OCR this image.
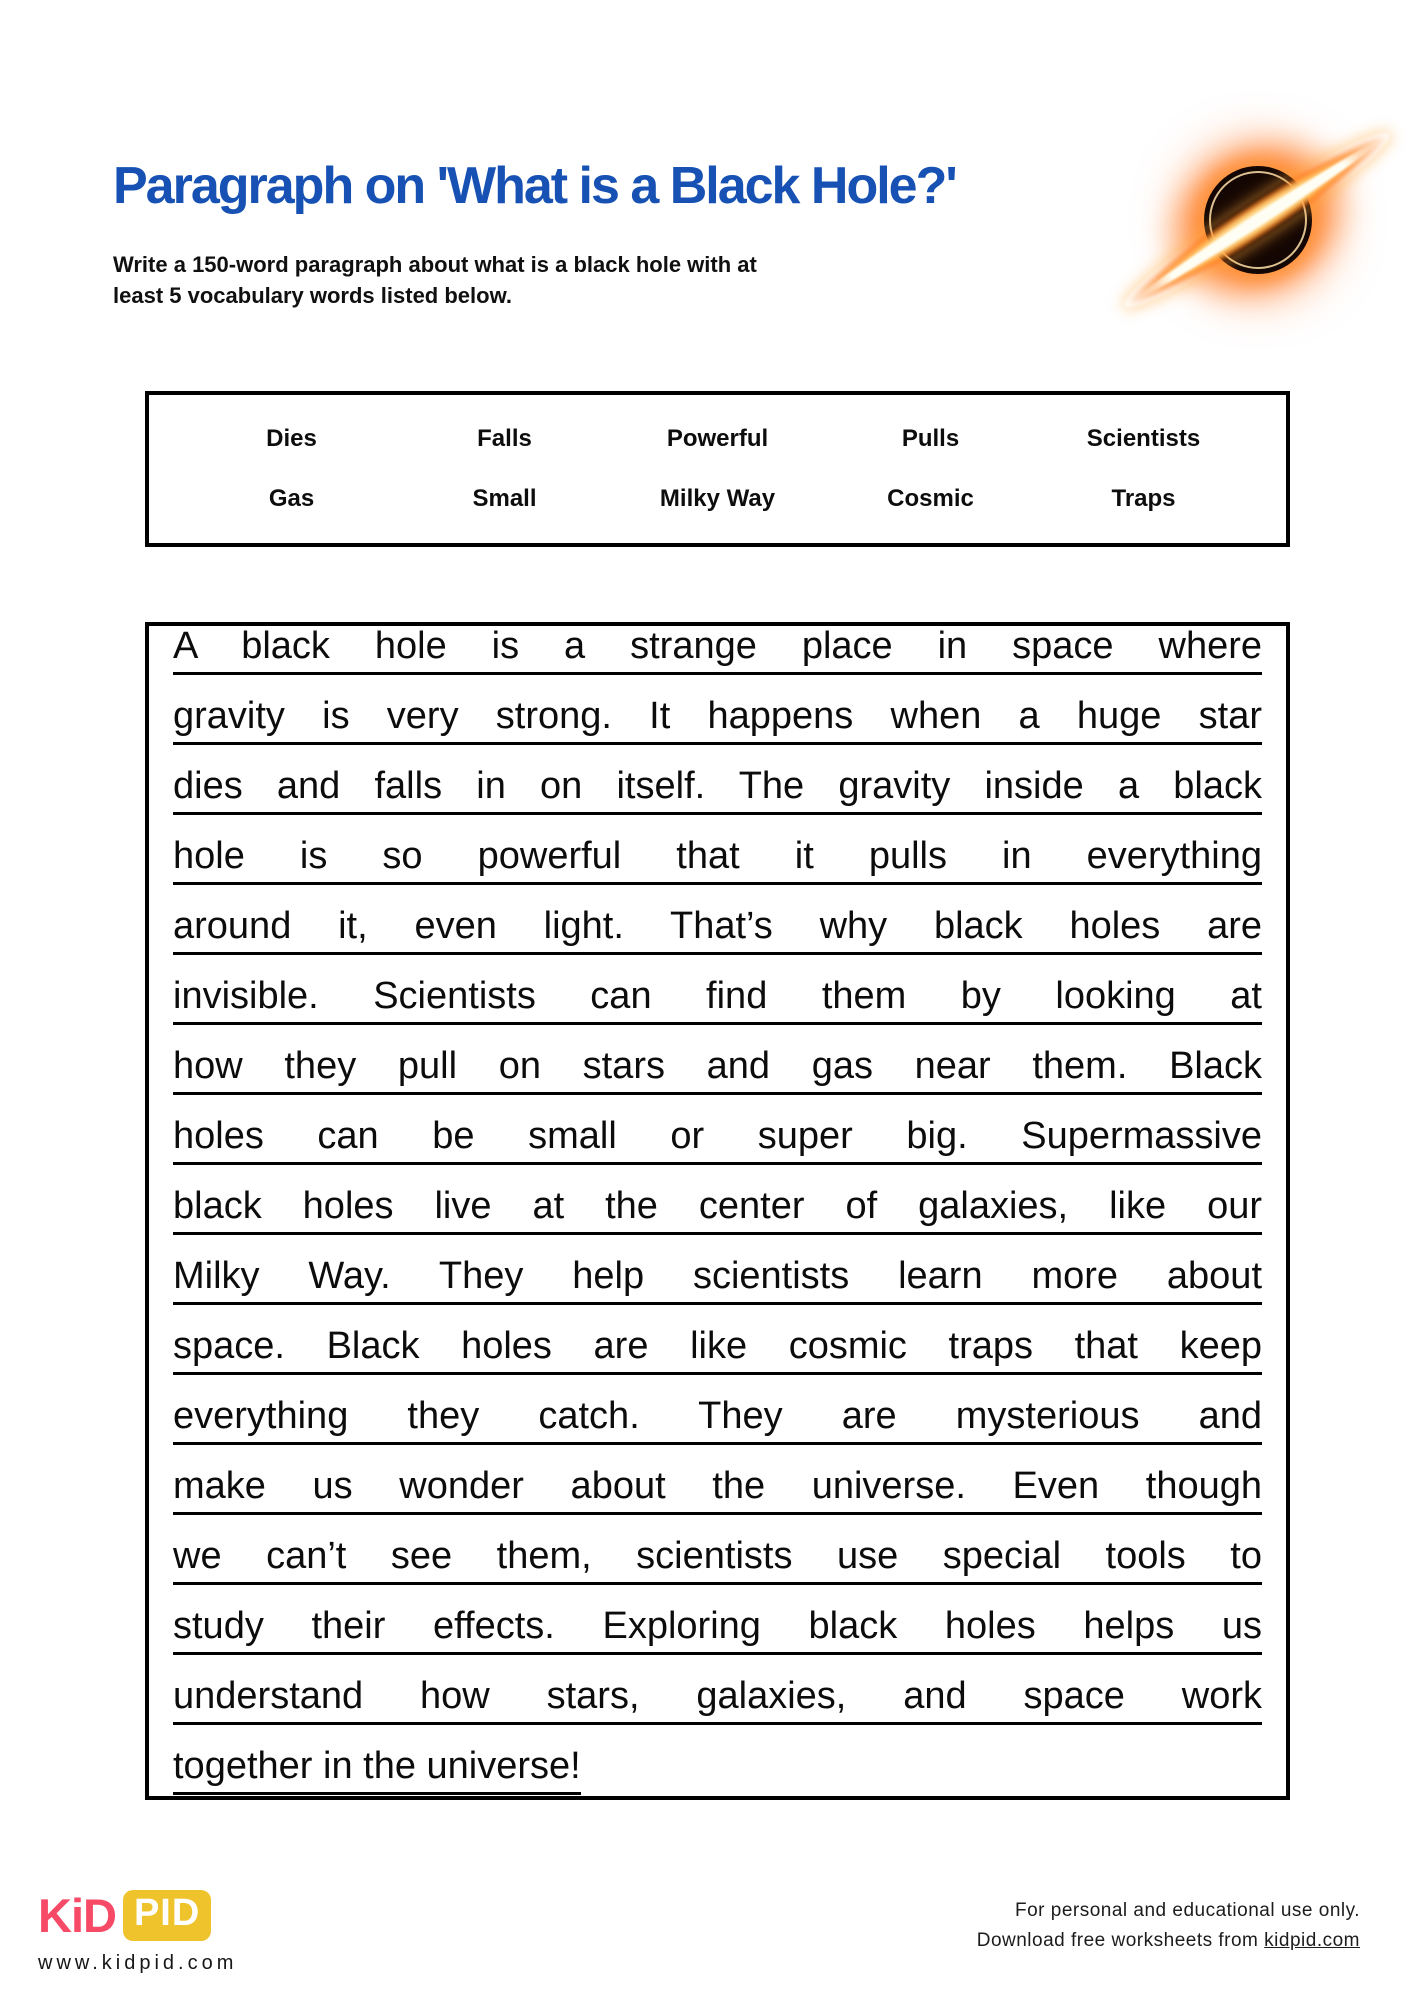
Paragraph on 'What is a Black Hole?'
Write a 150-word paragraph about what is a black hole with at
least 5 vocabulary words listed below.
Dies	Falls	Powerful	Pulls	Scientists
Gas	Small	Milky Way	Cosmic	Traps
A black hole is a strange place in space where
gravity is very strong. It happens when a huge star
dies and falls in on itself. The gravity inside a black
hole is so powerful that it pulls in everything
around it, even light. That’s why black holes are
invisible. Scientists can find them by looking at
how they pull on stars and gas near them. Black
holes can be small or super big. Supermassive
black holes live at the center of galaxies, like our
Milky Way. They help scientists learn more about
space. Black holes are like cosmic traps that keep
everything they catch. They are mysterious and
make us wonder about the universe. Even though
we can’t see them, scientists use special tools to
study their effects. Exploring black holes helps us
understand how stars, galaxies, and space work
together in the universe!
KiD PID
www.kidpid.com
For personal and educational use only.
Download free worksheets from kidpid.com
